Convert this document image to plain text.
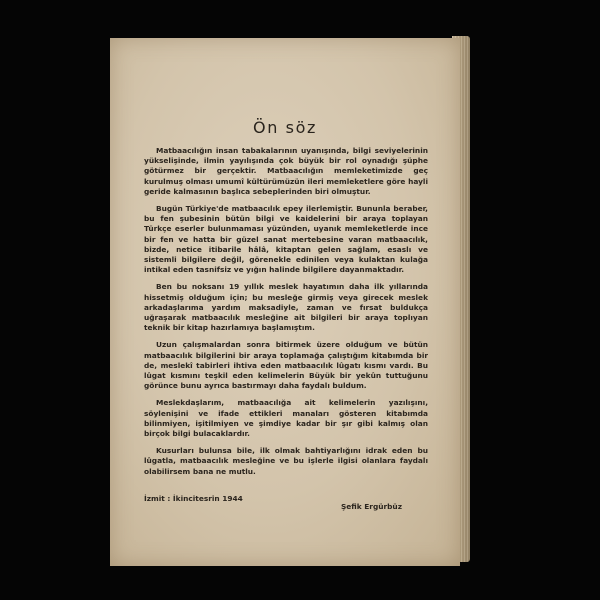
Ön söz

Matbaacılığın insan tabakalarının uyanışında, bilgi seviyelerinin yükselişinde, ilmin yayılışında çok büyük bir rol oynadığı şüphe götürmez bir gerçektir. Matbaacılığın memleketimizde geç kurulmuş olması umumî kültürümüzün ileri memleketlere göre hayli geride kalmasının başlıca sebeplerinden biri olmuştur.

Bugün Türkiye'de matbaacılık epey ilerlemiştir. Bununla beraber, bu fen şubesinin bütün bilgi ve kaidelerini bir araya toplayan Türkçe eserler bulunmaması yüzünden, uyanık memleketlerde ince bir fen ve hatta bir güzel sanat mertebesine varan matbaacılık, bizde, netice itibarile hâlâ, kitaptan gelen sağlam, esaslı ve sistemli bilgilere değil, görenekle edinilen veya kulaktan kulağa intikal eden tasnifsiz ve yığın halinde bilgilere dayanmaktadır.

Ben bu noksanı 19 yıllık meslek hayatımın daha ilk yıllarında hissetmiş olduğum için; bu mesleğe girmiş veya girecek meslek arkadaşlarıma yardım maksadiyle, zaman ve fırsat buldukça uğraşarak matbaacılık mesleğine ait bilgileri bir araya toplıyan teknik bir kitap hazırlamıya başlamıştım.

Uzun çalışmalardan sonra bitirmek üzere olduğum ve bütün matbaacılık bilgilerini bir araya toplamağa çalıştığım kitabımda bir de, meslekî tabirleri ihtiva eden matbaacılık lûgatı kısmı vardı. Bu lûgat kısmını teşkil eden kelimelerin Büyük bir yekûn tuttuğunu görünce bunu ayrıca bastırmayı daha faydalı buldum.

Meslekdaşlarım, matbaacılığa ait kelimelerin yazılışını, söylenişini ve ifade ettikleri manaları gösteren kitabımda bilinmiyen, işitilmiyen ve şimdiye kadar bir şır gibi kalmış olan birçok bilgi bulacaklardır.

Kusurları bulunsa bile, ilk olmak bahtiyarlığını idrak eden bu lûgatla, matbaacılık mesleğine ve bu işlerle ilgisi olanlara faydalı olabilirsem bana ne mutlu.

İzmit : İkincitesrin 1944
Şefik Ergürbüz
